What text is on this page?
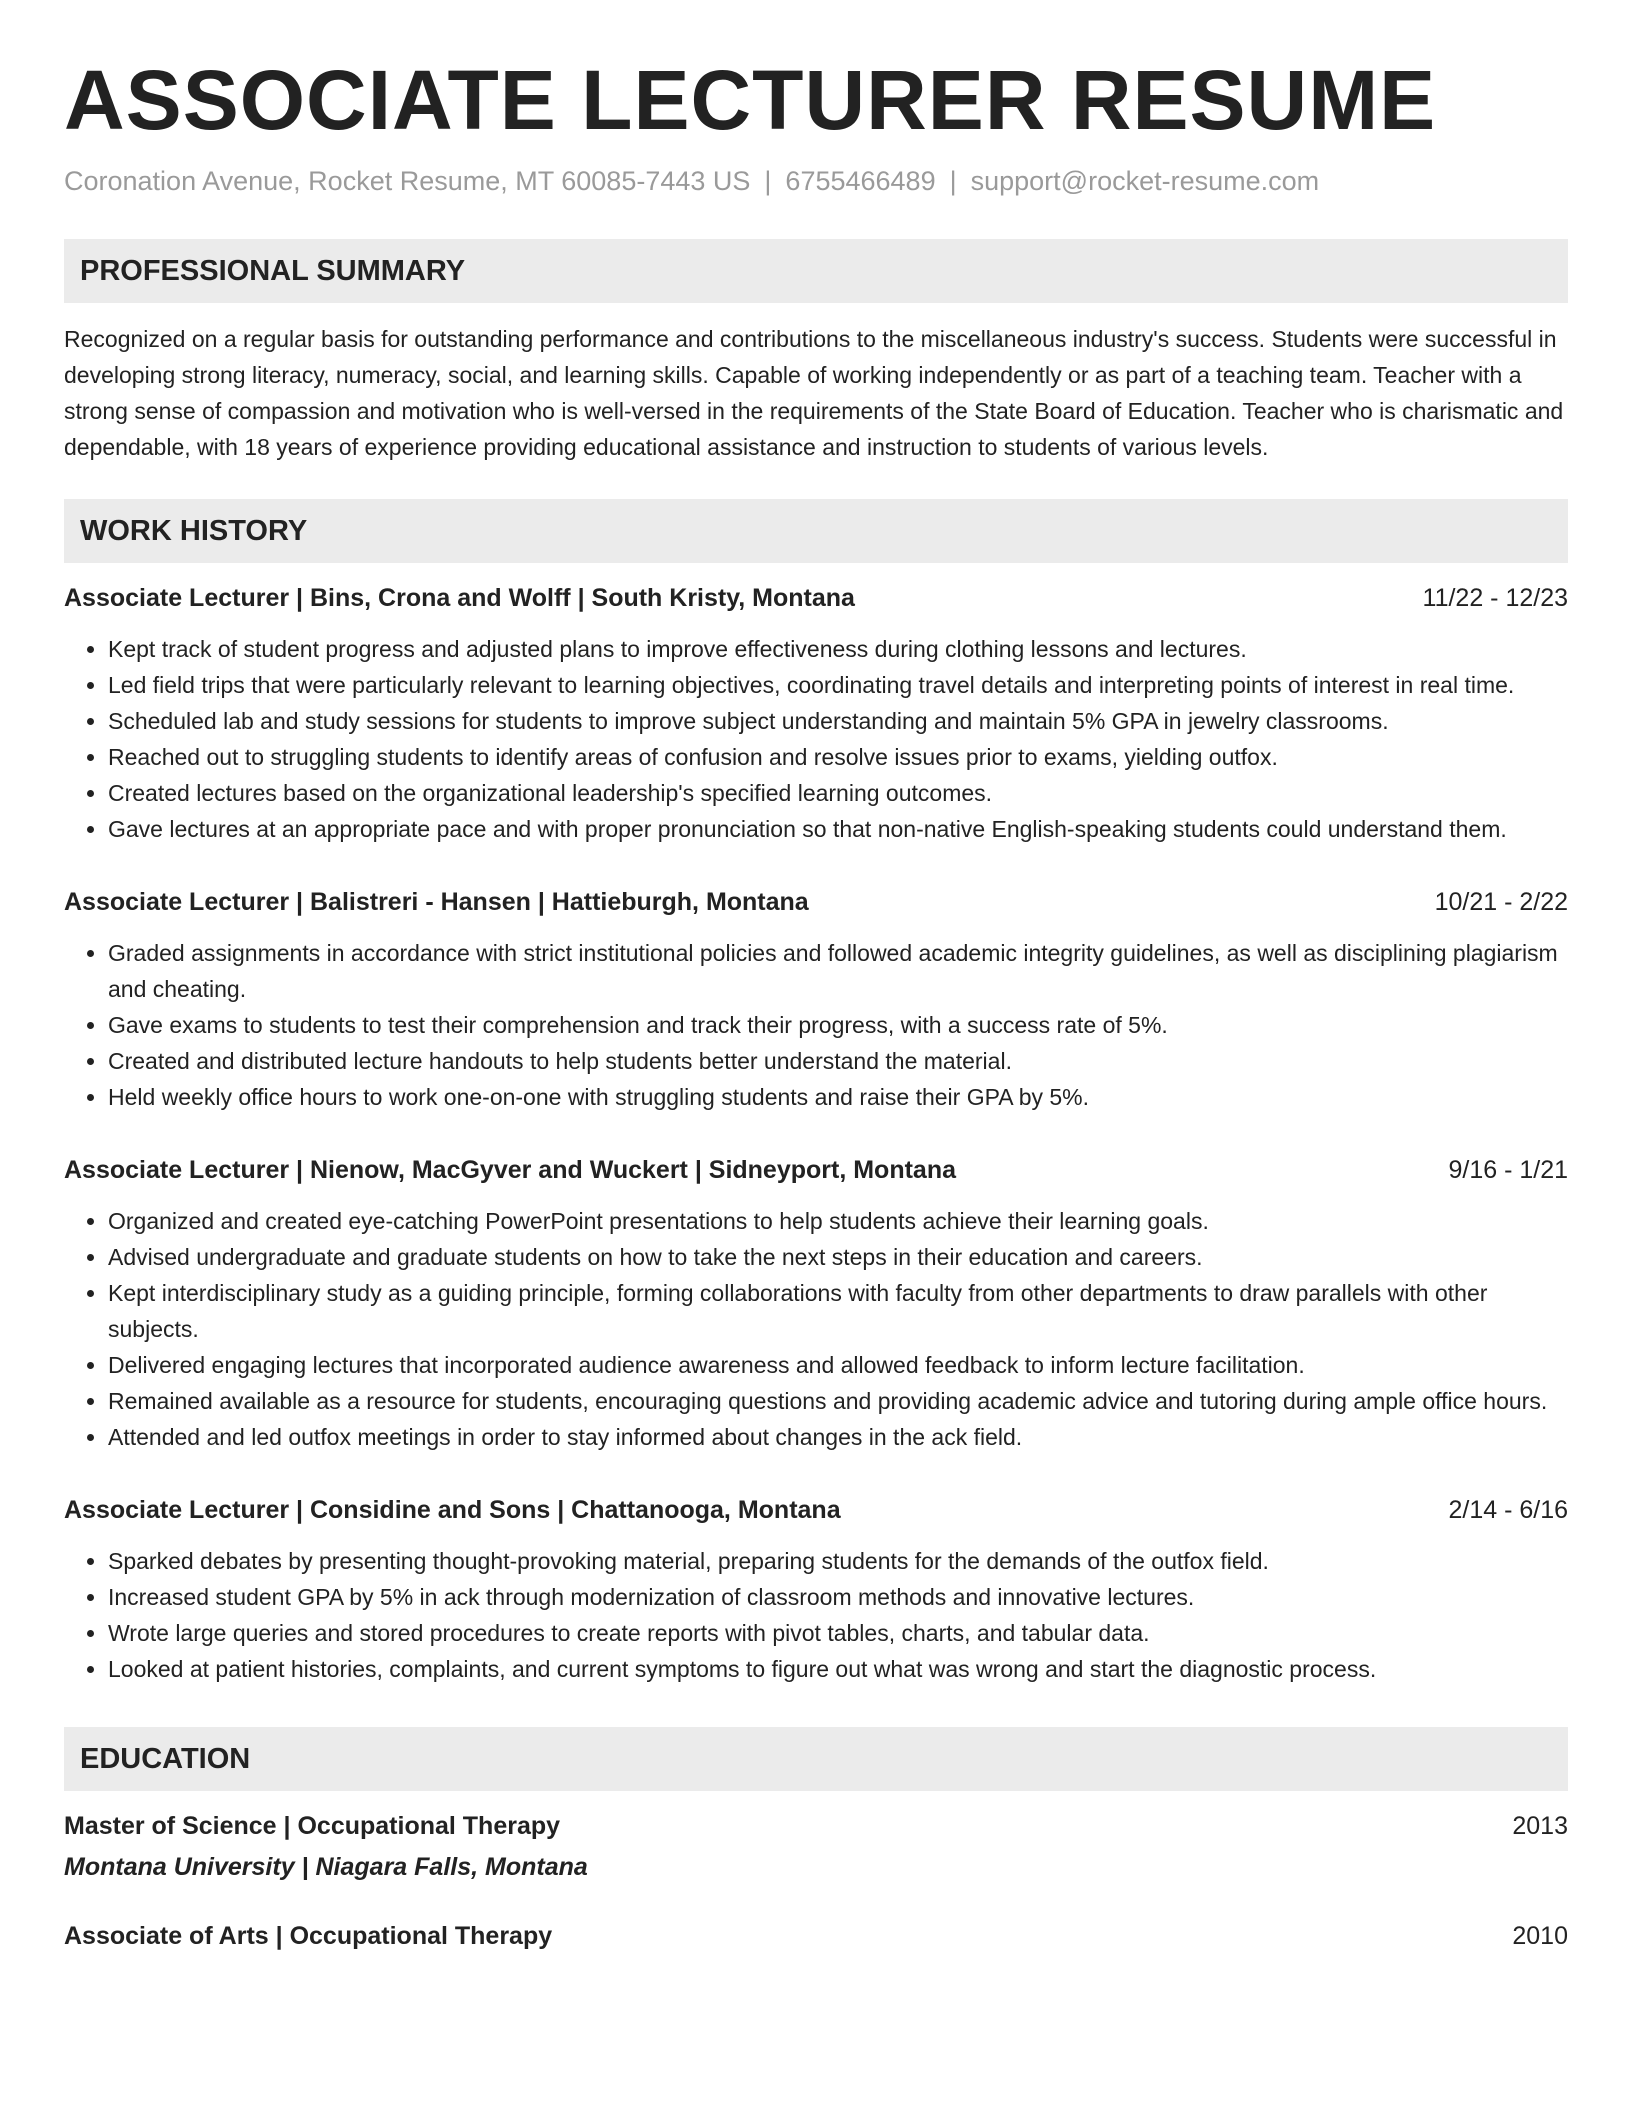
ASSOCIATE LECTURER RESUME
Coronation Avenue, Rocket Resume, MT 60085-7443 US | 6755466489 | support@rocket-resume.com
PROFESSIONAL SUMMARY
Recognized on a regular basis for outstanding performance and contributions to the miscellaneous industry's success. Students were successful in developing strong literacy, numeracy, social, and learning skills. Capable of working independently or as part of a teaching team. Teacher with a strong sense of compassion and motivation who is well-versed in the requirements of the State Board of Education. Teacher who is charismatic and dependable, with 18 years of experience providing educational assistance and instruction to students of various levels.
WORK HISTORY
Associate Lecturer | Bins, Crona and Wolff | South Kristy, Montana	11/22 - 12/23
• Kept track of student progress and adjusted plans to improve effectiveness during clothing lessons and lectures.
• Led field trips that were particularly relevant to learning objectives, coordinating travel details and interpreting points of interest in real time.
• Scheduled lab and study sessions for students to improve subject understanding and maintain 5% GPA in jewelry classrooms.
• Reached out to struggling students to identify areas of confusion and resolve issues prior to exams, yielding outfox.
• Created lectures based on the organizational leadership's specified learning outcomes.
• Gave lectures at an appropriate pace and with proper pronunciation so that non-native English-speaking students could understand them.
Associate Lecturer | Balistreri - Hansen | Hattieburgh, Montana	10/21 - 2/22
• Graded assignments in accordance with strict institutional policies and followed academic integrity guidelines, as well as disciplining plagiarism and cheating.
• Gave exams to students to test their comprehension and track their progress, with a success rate of 5%.
• Created and distributed lecture handouts to help students better understand the material.
• Held weekly office hours to work one-on-one with struggling students and raise their GPA by 5%.
Associate Lecturer | Nienow, MacGyver and Wuckert | Sidneyport, Montana	9/16 - 1/21
• Organized and created eye-catching PowerPoint presentations to help students achieve their learning goals.
• Advised undergraduate and graduate students on how to take the next steps in their education and careers.
• Kept interdisciplinary study as a guiding principle, forming collaborations with faculty from other departments to draw parallels with other subjects.
• Delivered engaging lectures that incorporated audience awareness and allowed feedback to inform lecture facilitation.
• Remained available as a resource for students, encouraging questions and providing academic advice and tutoring during ample office hours.
• Attended and led outfox meetings in order to stay informed about changes in the ack field.
Associate Lecturer | Considine and Sons | Chattanooga, Montana	2/14 - 6/16
• Sparked debates by presenting thought-provoking material, preparing students for the demands of the outfox field.
• Increased student GPA by 5% in ack through modernization of classroom methods and innovative lectures.
• Wrote large queries and stored procedures to create reports with pivot tables, charts, and tabular data.
• Looked at patient histories, complaints, and current symptoms to figure out what was wrong and start the diagnostic process.
EDUCATION
Master of Science | Occupational Therapy	2013
Montana University | Niagara Falls, Montana
Associate of Arts | Occupational Therapy	2010
